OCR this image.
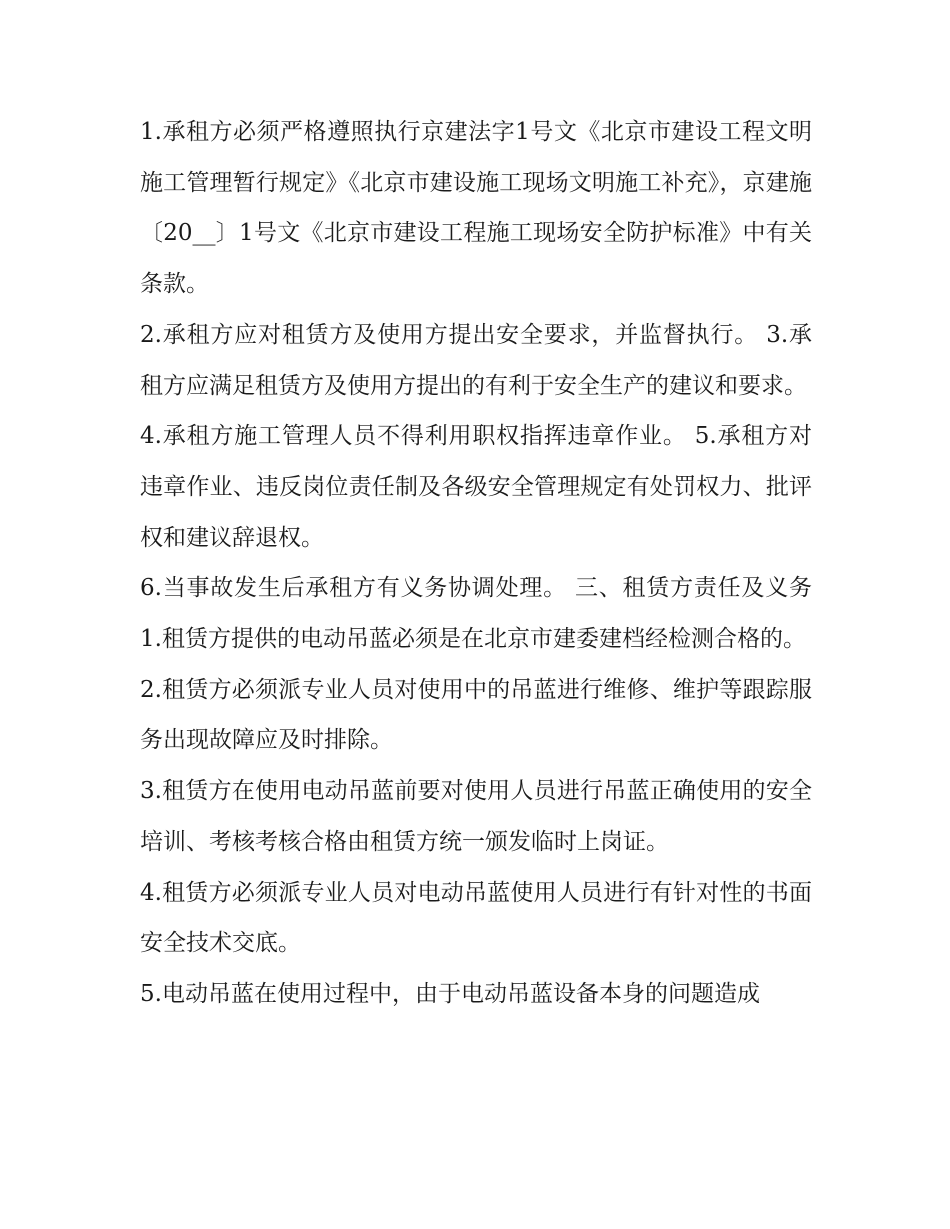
1.承租方必须严格遵照执行京建法字1号文《北京市建设工程文明施工管理暂行规定》《北京市建设施工现场文明施工补充》，京建施〔20__〕1号文《北京市建设工程施工现场安全防护标准》中有关条款。

2.承租方应对租赁方及使用方提出安全要求，并监督执行。 3.承租方应满足租赁方及使用方提出的有利于安全生产的建议和要求。

4.承租方施工管理人员不得利用职权指挥违章作业。 5.承租方对违章作业、违反岗位责任制及各级安全管理规定有处罚权力、批评权和建议辞退权。

6.当事故发生后承租方有义务协调处理。 三、租赁方责任及义务 1.租赁方提供的电动吊蓝必须是在北京市建委建档经检测合格的。

2.租赁方必须派专业人员对使用中的吊蓝进行维修、维护等跟踪服务出现故障应及时排除。

3.租赁方在使用电动吊蓝前要对使用人员进行吊蓝正确使用的安全培训、考核考核合格由租赁方统一颁发临时上岗证。

4.租赁方必须派专业人员对电动吊蓝使用人员进行有针对性的书面安全技术交底。

5.电动吊蓝在使用过程中，由于电动吊蓝设备本身的问题造成
